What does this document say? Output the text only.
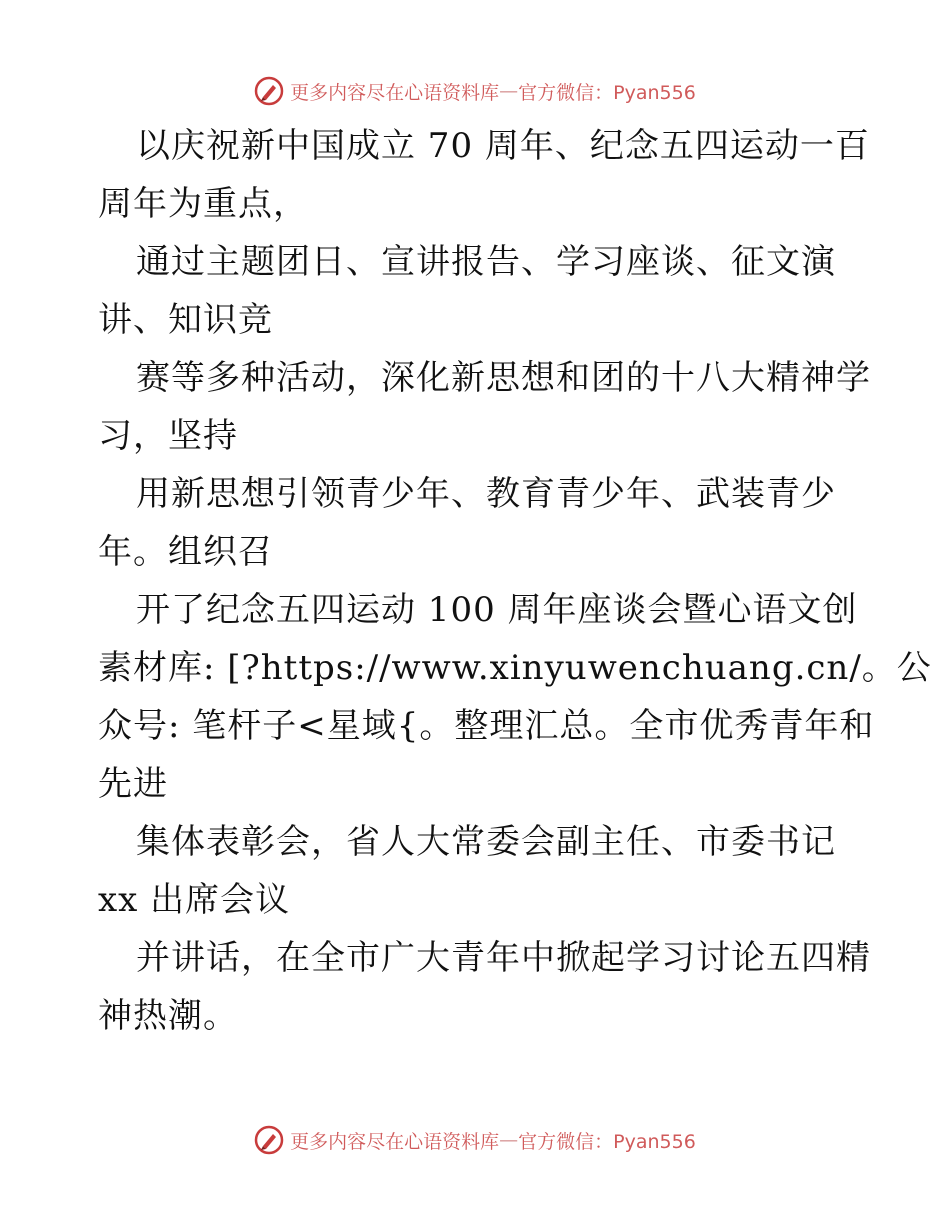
更多内容尽在心语资料库 — 官方微信：Pyan556
以庆祝新中国成立 70 周年、纪念五四运动一百
周年为重点，
通过主题团日、宣讲报告、学习座谈、征文演
讲、知识竞
赛等多种活动，深化新思想和团的十八大精神学
习，坚持
用新思想引领青少年、教育青少年、武装青少
年。组织召
开了纪念五四运动 100 周年座谈会暨心语文创
素材库: [?https://www.xinyuwenchuang.cn/。公
众号: 笔杆子<星域{。整理汇总。全市优秀青年和
先进
集体表彰会，省人大常委会副主任、市委书记
xx 出席会议
并讲话，在全市广大青年中掀起学习讨论五四精
神热潮。
更多内容尽在心语资料库 — 官方微信：Pyan556
